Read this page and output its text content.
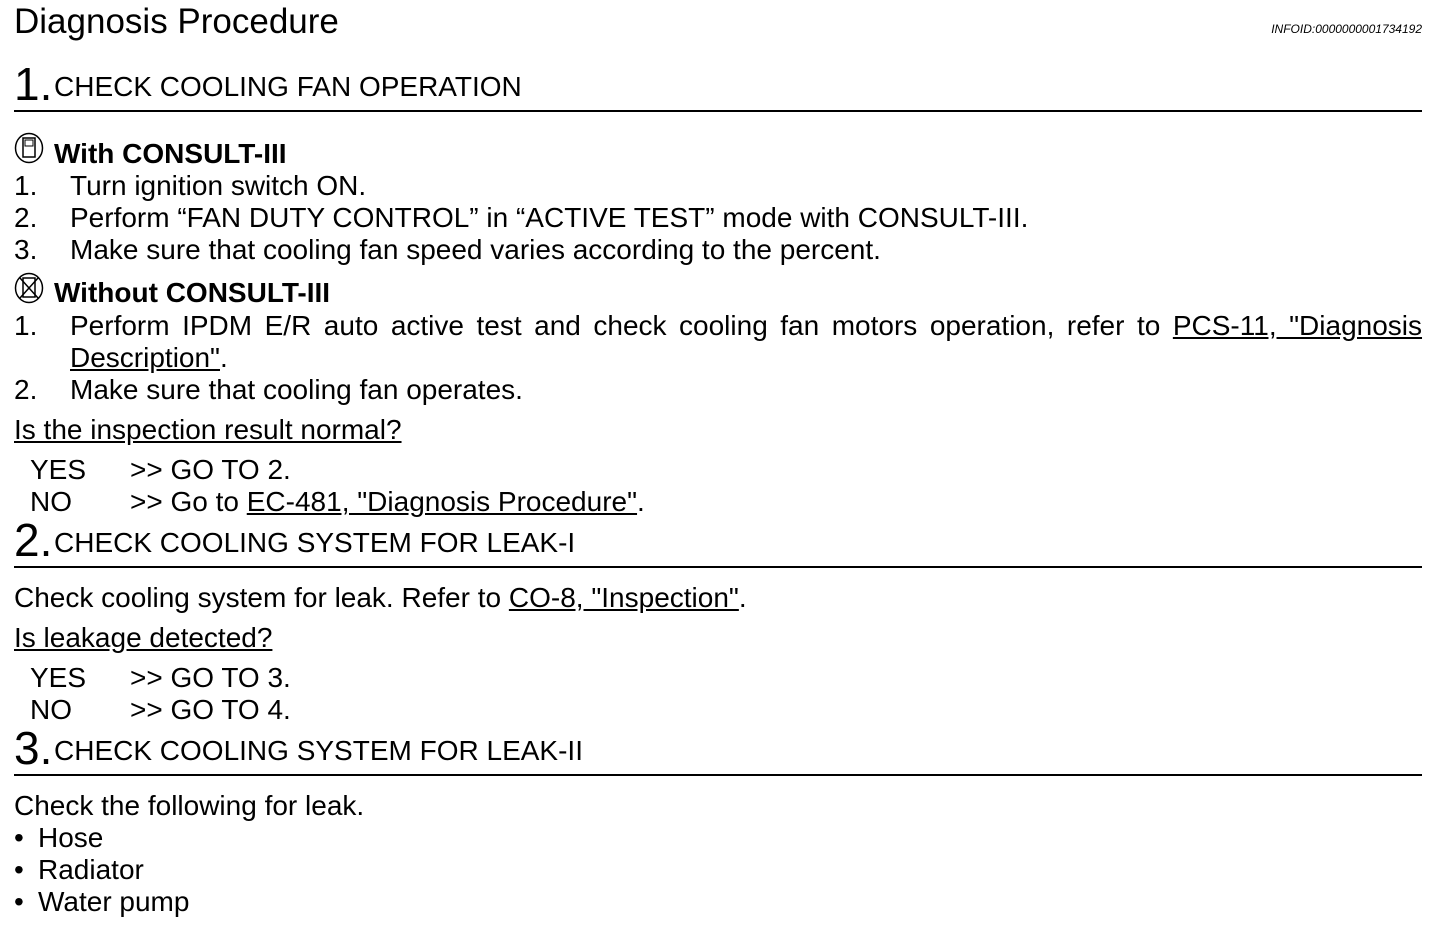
Diagnosis Procedure	INFOID:0000000001734192
1. CHECK COOLING FAN OPERATION
With CONSULT-III
1. Turn ignition switch ON.
2. Perform “FAN DUTY CONTROL” in “ACTIVE TEST” mode with CONSULT-III.
3. Make sure that cooling fan speed varies according to the percent.
Without CONSULT-III
1. Perform IPDM E/R auto active test and check cooling fan motors operation, refer to PCS-11, "Diagnosis
Description".
2. Make sure that cooling fan operates.
Is the inspection result normal?
YES >> GO TO 2.
NO >> Go to EC-481, "Diagnosis Procedure".
2. CHECK COOLING SYSTEM FOR LEAK-I
Check cooling system for leak. Refer to CO-8, "Inspection".
Is leakage detected?
YES >> GO TO 3.
NO >> GO TO 4.
3. CHECK COOLING SYSTEM FOR LEAK-II
Check the following for leak.
• Hose
• Radiator
• Water pump
